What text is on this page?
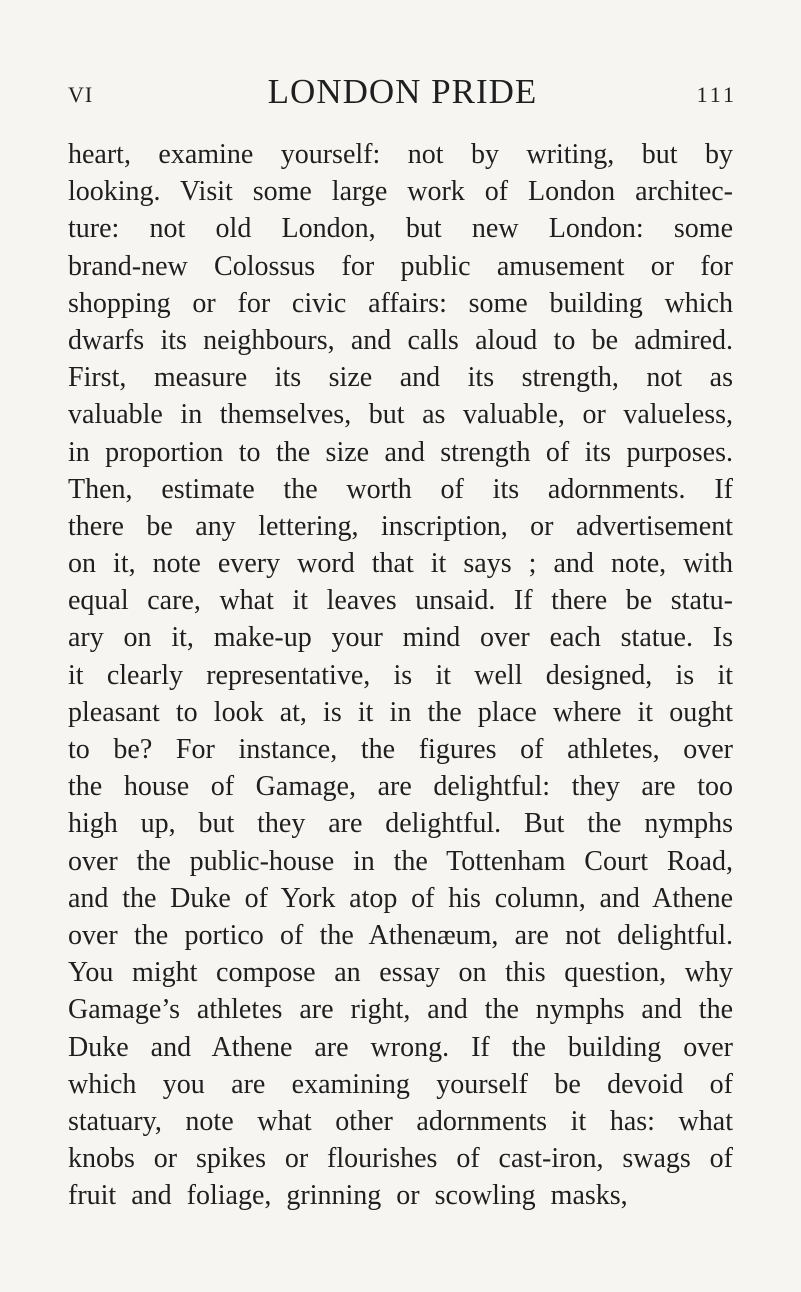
VI	LONDON PRIDE	111
heart, examine yourself: not by writing, but by
looking. Visit some large work of London architec-
ture: not old London, but new London: some
brand-new Colossus for public amusement or for
shopping or for civic affairs: some building which
dwarfs its neighbours, and calls aloud to be admired.
First, measure its size and its strength, not as
valuable in themselves, but as valuable, or valueless,
in proportion to the size and strength of its purposes.
Then, estimate the worth of its adornments. If
there be any lettering, inscription, or advertisement
on it, note every word that it says ; and note, with
equal care, what it leaves unsaid. If there be statu-
ary on it, make-up your mind over each statue. Is
it clearly representative, is it well designed, is it
pleasant to look at, is it in the place where it ought
to be? For instance, the figures of athletes, over
the house of Gamage, are delightful: they are too
high up, but they are delightful. But the nymphs
over the public-house in the Tottenham Court Road,
and the Duke of York atop of his column, and Athene
over the portico of the Athenæum, are not delightful.
You might compose an essay on this question, why
Gamage’s athletes are right, and the nymphs and the
Duke and Athene are wrong. If the building over
which you are examining yourself be devoid of
statuary, note what other adornments it has: what
knobs or spikes or flourishes of cast-iron, swags of
fruit and foliage, grinning or scowling masks,
